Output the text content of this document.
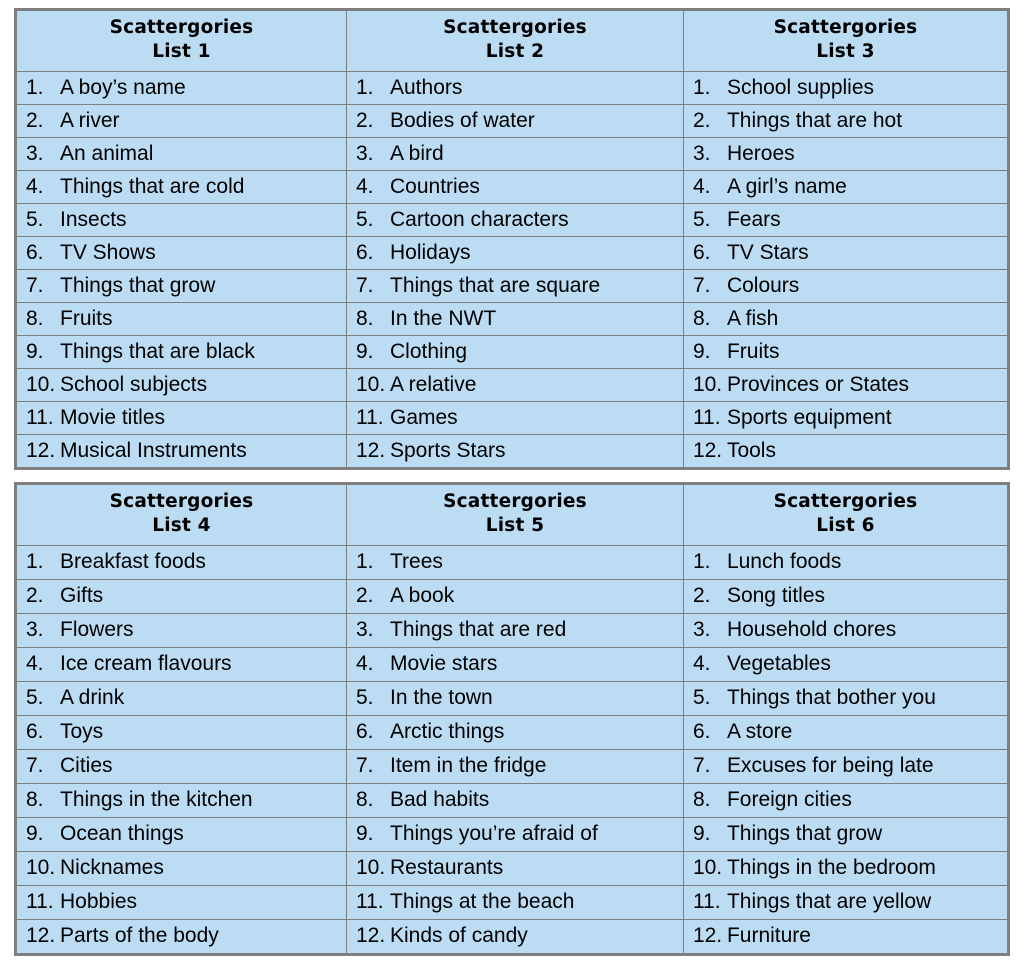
Scattergories
List 1

Scattergories
List 2

Scattergories
List 3

1. A boy’s name	1. Authors	1. School supplies

2. A river	2. Bodies of water	2. Things that are hot

3. An animal	3. A bird	3. Heroes

4. Things that are cold	4. Countries	4. A girl’s name

5. Insects	5. Cartoon characters	5. Fears

6. TV Shows	6. Holidays	6. TV Stars

7. Things that grow	7. Things that are square	7. Colours

8. Fruits	8. In the NWT	8. A fish

9. Things that are black	9. Clothing	9. Fruits

10. School subjects	10. A relative	10. Provinces or States

11. Movie titles	11. Games	11. Sports equipment

12. Musical Instruments	12. Sports Stars	12. Tools
Scattergories
List 4

Scattergories
List 5

Scattergories
List 6

1. Breakfast foods	1. Trees	1. Lunch foods

2. Gifts	2. A book	2. Song titles

3. Flowers	3. Things that are red	3. Household chores

4. Ice cream flavours	4. Movie stars	4. Vegetables

5. A drink	5. In the town	5. Things that bother you

6. Toys	6. Arctic things	6. A store

7. Cities	7. Item in the fridge	7. Excuses for being late

8. Things in the kitchen	8. Bad habits	8. Foreign cities

9. Ocean things	9. Things you’re afraid of	9. Things that grow

10. Nicknames	10. Restaurants	10. Things in the bedroom

11. Hobbies	11. Things at the beach	11. Things that are yellow

12. Parts of the body	12. Kinds of candy	12. Furniture
